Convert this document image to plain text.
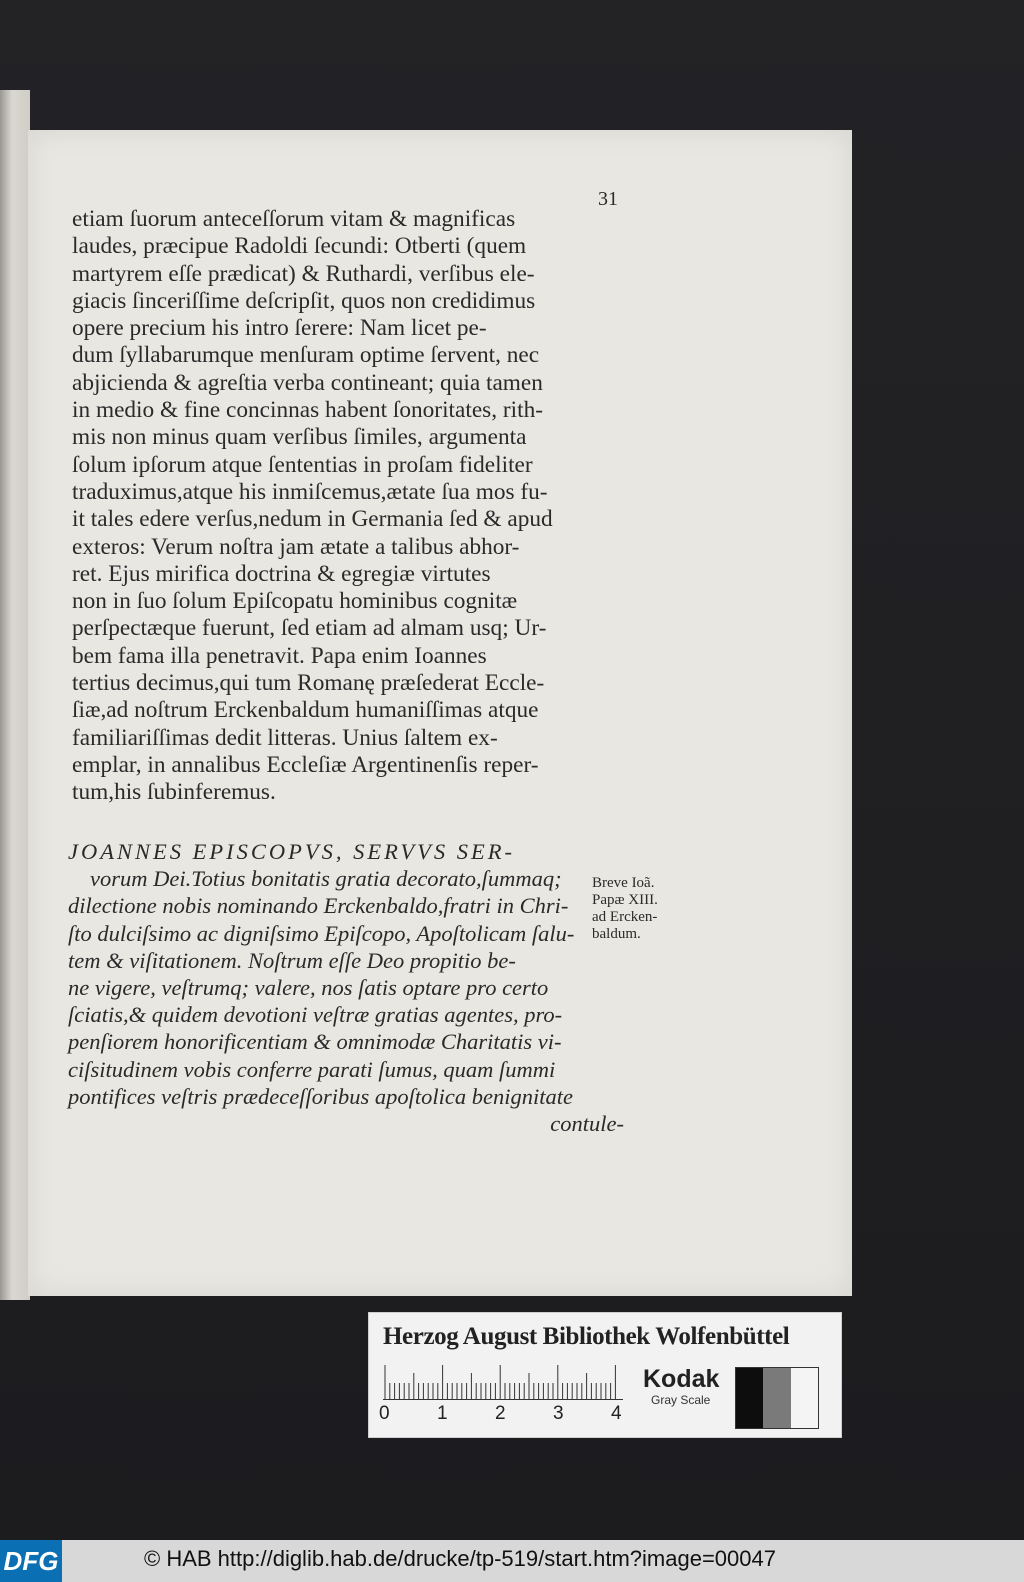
31
etiam ſuorum anteceſſorum vitam & magnificas
laudes, præcipue Radoldi ſecundi: Otberti (quem
martyrem eſſe prædicat) & Ruthardi, verſibus ele-
giacis ſinceriſſime deſcripſit, quos non credidimus
opere precium his intro ſerere: Nam licet pe-
dum ſyllabarumque menſuram optime ſervent, nec
abjicienda & agreſtia verba contineant; quia tamen
in medio & fine concinnas habent ſonoritates, rith-
mis non minus quam verſibus ſimiles, argumenta
ſolum ipſorum atque ſententias in proſam fideliter
traduximus,atque his inmiſcemus,ætate ſua mos fu-
it tales edere verſus,nedum in Germania ſed & apud
exteros: Verum noſtra jam ætate a talibus abhor-
ret. Ejus mirifica doctrina & egregiæ virtutes
non in ſuo ſolum Epiſcopatu hominibus cognitæ
perſpectæque fuerunt, ſed etiam ad almam usq; Ur-
bem fama illa penetravit. Papa enim Ioannes
tertius decimus,qui tum Romanę præſederat Eccle-
ſiæ,ad noſtrum Erckenbaldum humaniſſimas atque
familiariſſimas dedit litteras. Unius ſaltem ex-
emplar, in annalibus Eccleſiæ Argentinenſis reper-
tum,his ſubinferemus.
JOANNES EPISCOPVS, SERVVS SER-
vorum Dei.Totius bonitatis gratia decorato,ſummaq;
dilectione nobis nominando Erckenbaldo,fratri in Chri-
ſto dulciſsimo ac digniſsimo Epiſcopo, Apoſtolicam ſalu-
tem & viſitationem. Noſtrum eſſe Deo propitio be-
ne vigere, veſtrumq; valere, nos ſatis optare pro certo
ſciatis,& quidem devotioni veſtræ gratias agentes, pro-
penſiorem honorificentiam & omnimodæ Charitatis vi-
ciſsitudinem vobis conferre parati ſumus, quam ſummi
pontifices veſtris prædeceſſoribus apoſtolica benignitate
contule-
Breve Ioã.
Papæ XIII.
ad Ercken-
baldum.
Herzog August Bibliothek Wolfenbüttel
0 1 2 3 4
Kodak
Gray Scale
DFG	© HAB http://diglib.hab.de/drucke/tp-519/start.htm?image=00047
